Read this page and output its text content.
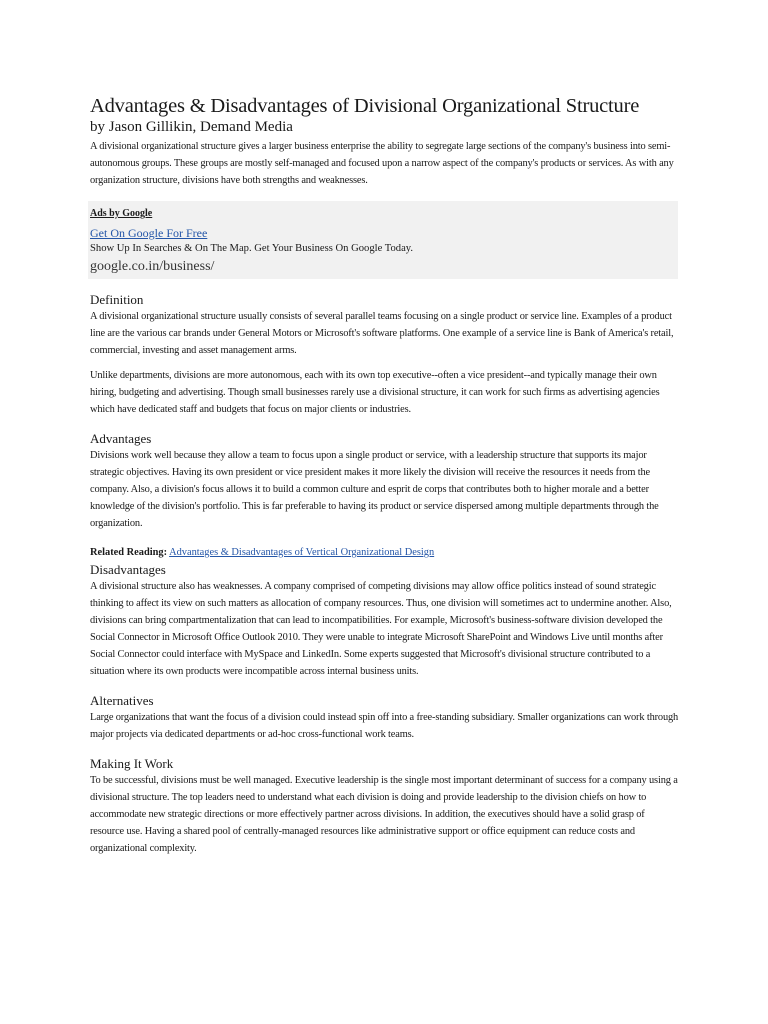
Advantages & Disadvantages of Divisional Organizational Structure
by Jason Gillikin, Demand Media

A divisional organizational structure gives a larger business enterprise the ability to segregate large sections of the company's business into semi-autonomous groups. These groups are mostly self-managed and focused upon a narrow aspect of the company's products or services. As with any organization structure, divisions have both strengths and weaknesses.

Ads by Google
Get On Google For Free
Show Up In Searches & On The Map. Get Your Business On Google Today.
google.co.in/business/
Definition

A divisional organizational structure usually consists of several parallel teams focusing on a single product or service line. Examples of a product line are the various car brands under General Motors or Microsoft's software platforms. One example of a service line is Bank of America's retail, commercial, investing and asset management arms.

Unlike departments, divisions are more autonomous, each with its own top executive--often a vice president--and typically manage their own hiring, budgeting and advertising. Though small businesses rarely use a divisional structure, it can work for such firms as advertising agencies which have dedicated staff and budgets that focus on major clients or industries.

Advantages

Divisions work well because they allow a team to focus upon a single product or service, with a leadership structure that supports its major strategic objectives. Having its own president or vice president makes it more likely the division will receive the resources it needs from the company. Also, a division's focus allows it to build a common culture and esprit de corps that contributes both to higher morale and a better knowledge of the division's portfolio. This is far preferable to having its product or service dispersed among multiple departments through the organization.

Related Reading: Advantages & Disadvantages of Vertical Organizational Design
Disadvantages

A divisional structure also has weaknesses. A company comprised of competing divisions may allow office politics instead of sound strategic thinking to affect its view on such matters as allocation of company resources. Thus, one division will sometimes act to undermine another. Also, divisions can bring compartmentalization that can lead to incompatibilities. For example, Microsoft's business-software division developed the Social Connector in Microsoft Office Outlook 2010. They were unable to integrate Microsoft SharePoint and Windows Live until months after Social Connector could interface with MySpace and LinkedIn. Some experts suggested that Microsoft's divisional structure contributed to a situation where its own products were incompatible across internal business units.

Alternatives

Large organizations that want the focus of a division could instead spin off into a free-standing subsidiary. Smaller organizations can work through major projects via dedicated departments or ad-hoc cross-functional work teams.

Making It Work

To be successful, divisions must be well managed. Executive leadership is the single most important determinant of success for a company using a divisional structure. The top leaders need to understand what each division is doing and provide leadership to the division chiefs on how to accommodate new strategic directions or more effectively partner across divisions. In addition, the executives should have a solid grasp of resource use. Having a shared pool of centrally-managed resources like administrative support or office equipment can reduce costs and organizational complexity.
